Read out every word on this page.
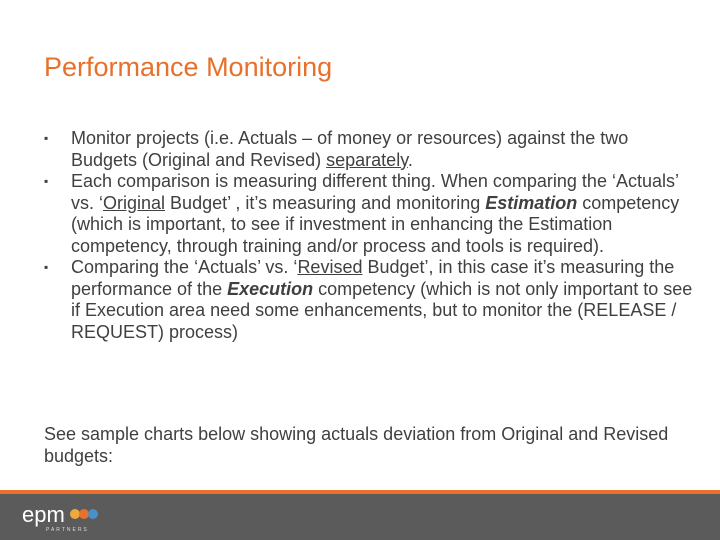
Performance Monitoring
▪	Monitor projects (i.e. Actuals – of money or resources) against the two Budgets (Original and Revised) separately.
▪	Each comparison is measuring different thing. When comparing the ‘Actuals’ vs. ‘Original Budget’ , it’s measuring and monitoring Estimation competency (which is important, to see if investment in enhancing the Estimation competency, through training and/or process and tools is required).
▪	Comparing the ‘Actuals’ vs. ‘Revised Budget’, in this case it’s measuring the performance of the Execution competency (which is not only important to see if Execution area need some enhancements, but to monitor the (RELEASE / REQUEST) process)

See sample charts below showing actuals deviation from Original and Revised budgets:

epm
PARTNERS
